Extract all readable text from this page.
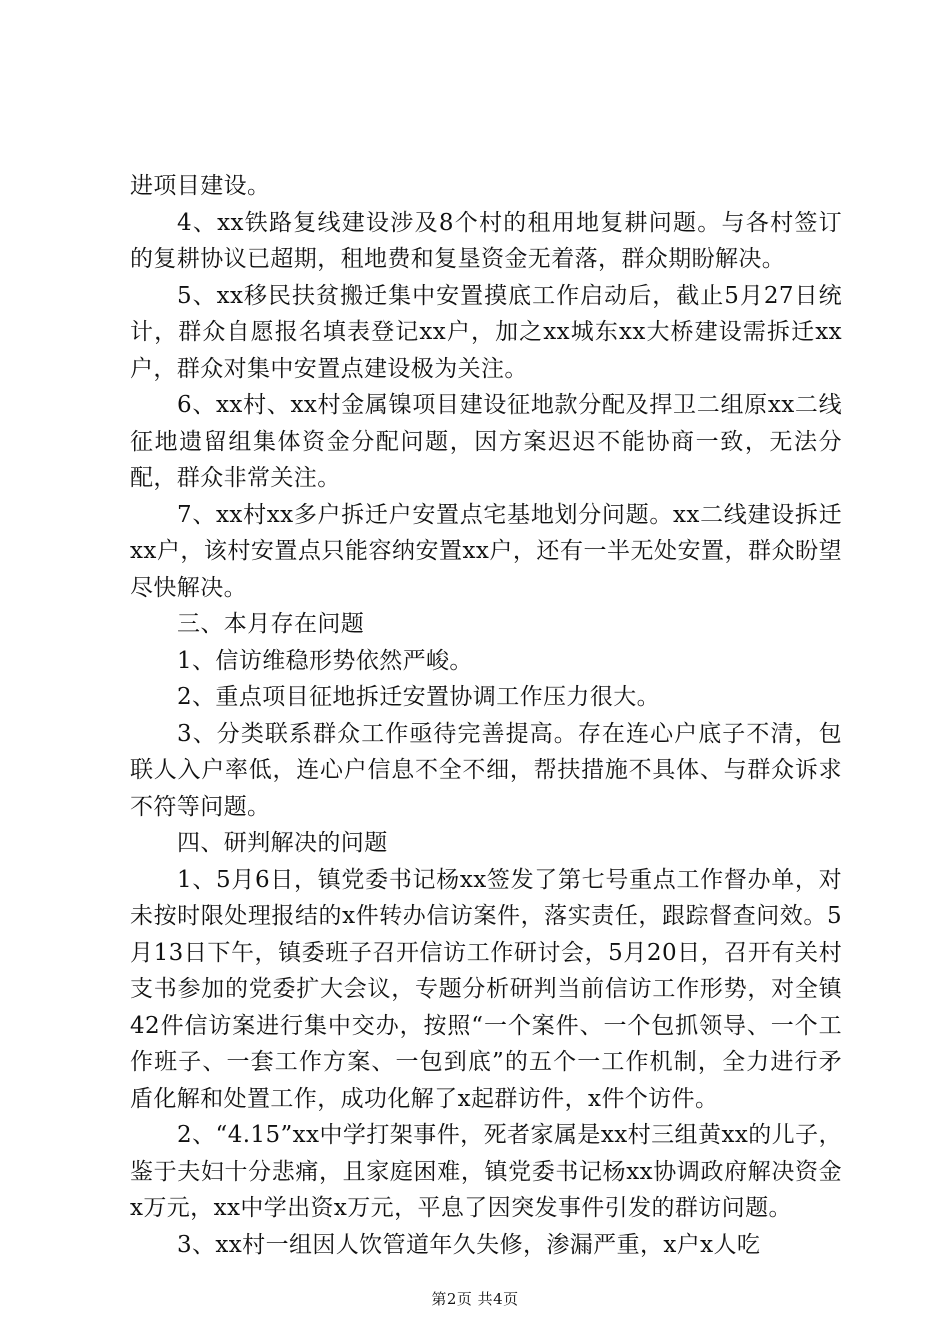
进项目建设。

4、xx铁路复线建设涉及8个村的租用地复耕问题。与各村签订的复耕协议已超期，租地费和复垦资金无着落，群众期盼解决。

5、xx移民扶贫搬迁集中安置摸底工作启动后，截止5月27日统计，群众自愿报名填表登记xx户，加之xx城东xx大桥建设需拆迁xx户，群众对集中安置点建设极为关注。

6、xx村、xx村金属镍项目建设征地款分配及捍卫二组原xx二线征地遗留组集体资金分配问题，因方案迟迟不能协商一致，无法分配，群众非常关注。

7、xx村xx多户拆迁户安置点宅基地划分问题。xx二线建设拆迁xx户，该村安置点只能容纳安置xx户，还有一半无处安置，群众盼望尽快解决。

三、本月存在问题

1、信访维稳形势依然严峻。

2、重点项目征地拆迁安置协调工作压力很大。

3、分类联系群众工作亟待完善提高。存在连心户底子不清，包联人入户率低，连心户信息不全不细，帮扶措施不具体、与群众诉求不符等问题。

四、研判解决的问题

1、5月6日，镇党委书记杨xx签发了第七号重点工作督办单，对未按时限处理报结的x件转办信访案件，落实责任，跟踪督查问效。5月13日下午，镇委班子召开信访工作研讨会，5月20日，召开有关村支书参加的党委扩大会议，专题分析研判当前信访工作形势，对全镇42件信访案进行集中交办，按照“一个案件、一个包抓领导、一个工作班子、一套工作方案、一包到底”的五个一工作机制，全力进行矛盾化解和处置工作，成功化解了x起群访件，x件个访件。

2、“4.15”xx中学打架事件，死者家属是xx村三组黄xx的儿子，鉴于夫妇十分悲痛，且家庭困难，镇党委书记杨xx协调政府解决资金x万元，xx中学出资x万元，平息了因突发事件引发的群访问题。

3、xx村一组因人饮管道年久失修，渗漏严重，x户x人吃

第2页 共4页
